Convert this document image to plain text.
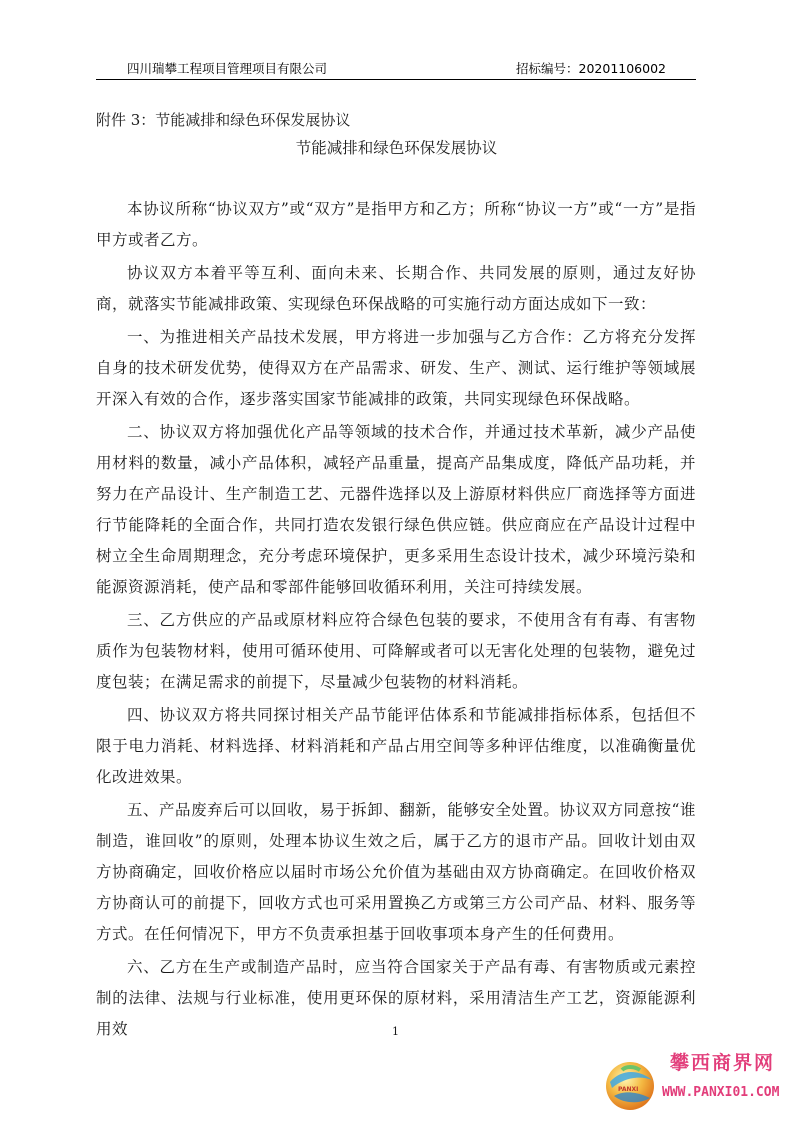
四川瑞攀工程项目管理项目有限公司	招标编号：20201106002
附件 3：节能减排和绿色环保发展协议
节能减排和绿色环保发展协议

本协议所称“协议双方”或“双方”是指甲方和乙方；所称“协议一方”或“一方”是指甲方或者乙方。

协议双方本着平等互利、面向未来、长期合作、共同发展的原则，通过友好协商，就落实节能减排政策、实现绿色环保战略的可实施行动方面达成如下一致：

一、为推进相关产品技术发展，甲方将进一步加强与乙方合作：乙方将充分发挥自身的技术研发优势，使得双方在产品需求、研发、生产、测试、运行维护等领域展开深入有效的合作，逐步落实国家节能减排的政策，共同实现绿色环保战略。

二、协议双方将加强优化产品等领域的技术合作，并通过技术革新，减少产品使用材料的数量，减小产品体积，减轻产品重量，提高产品集成度，降低产品功耗，并努力在产品设计、生产制造工艺、元器件选择以及上游原材料供应厂商选择等方面进行节能降耗的全面合作，共同打造农发银行绿色供应链。供应商应在产品设计过程中树立全生命周期理念，充分考虑环境保护，更多采用生态设计技术，减少环境污染和能源资源消耗，使产品和零部件能够回收循环利用，关注可持续发展。

三、乙方供应的产品或原材料应符合绿色包装的要求，不使用含有有毒、有害物质作为包装物材料，使用可循环使用、可降解或者可以无害化处理的包装物，避免过度包装；在满足需求的前提下，尽量减少包装物的材料消耗。

四、协议双方将共同探讨相关产品节能评估体系和节能减排指标体系，包括但不限于电力消耗、材料选择、材料消耗和产品占用空间等多种评估维度，以准确衡量优化改进效果。

五、产品废弃后可以回收，易于拆卸、翻新，能够安全处置。协议双方同意按“谁制造，谁回收”的原则，处理本协议生效之后，属于乙方的退市产品。回收计划由双方协商确定，回收价格应以届时市场公允价值为基础由双方协商确定。在回收价格双方协商认可的前提下，回收方式也可采用置换乙方或第三方公司产品、材料、服务等方式。在任何情况下，甲方不负责承担基于回收事项本身产生的任何费用。

六、乙方在生产或制造产品时，应当符合国家关于产品有毒、有害物质或元素控制的法律、法规与行业标准，使用更环保的原材料，采用清洁生产工艺，资源能源利用效	1
PANXI
攀西商界网
WWW.PANXI01.COM
